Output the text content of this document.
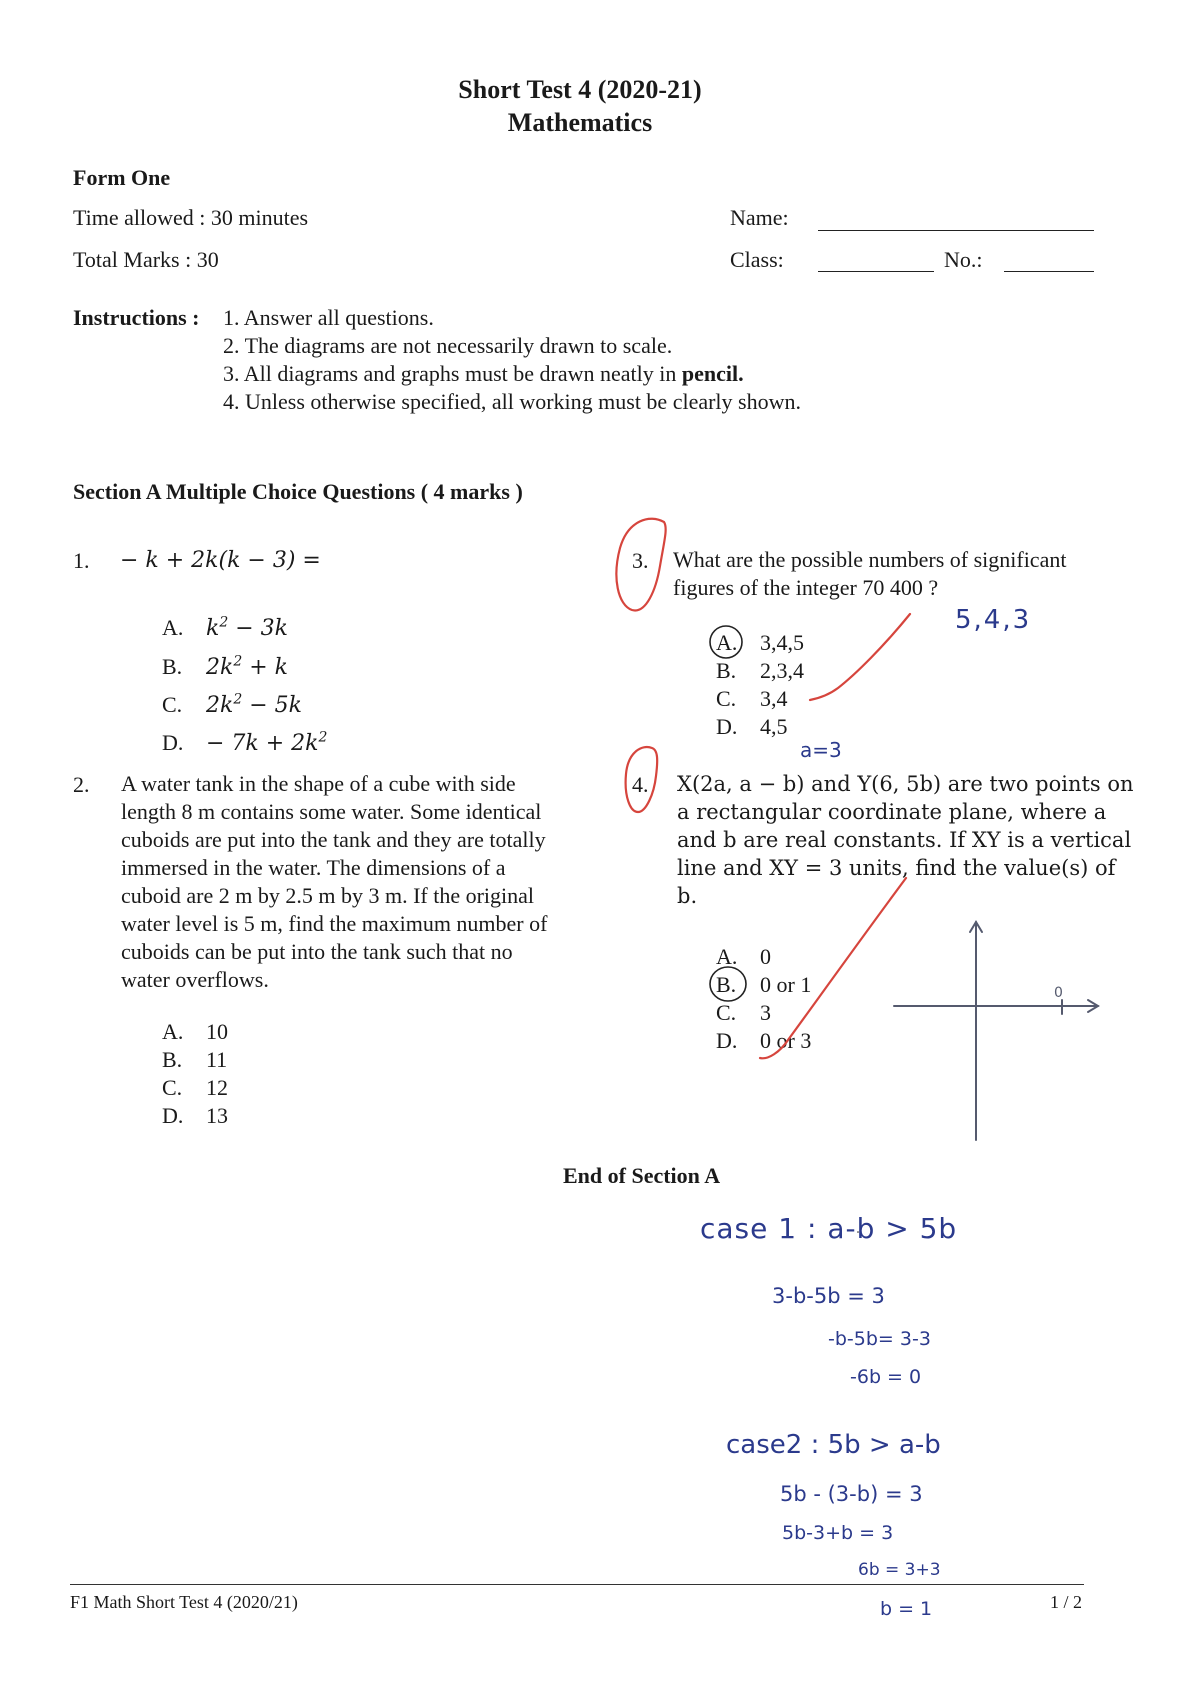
Short Test 4 (2020-21)
Mathematics
Form One
Time allowed : 30 minutes
Total Marks : 30
Name:
Class:	No.:
Instructions : 1. Answer all questions.
2. The diagrams are not necessarily drawn to scale.
3. All diagrams and graphs must be drawn neatly in pencil.
4. Unless otherwise specified, all working must be clearly shown.
Section A Multiple Choice Questions ( 4 marks )
1. − k + 2k(k − 3) =
A. $k^2 - 3k$
B. $2k^2 + k$
C. $2k^2 - 5k$
D. − $7k + 2k^2$
2. A water tank in the shape of a cube with side
length 8 m contains some water. Some identical
cuboids are put into the tank and they are totally
immersed in the water. The dimensions of a
cuboid are 2 m by 2.5 m by 3 m. If the original
water level is 5 m, find the maximum number of
cuboids can be put into the tank such that no
water overflows.
A. 10
B. 11
C. 12
D. 13
3. What are the possible numbers of significant
figures of the integer 70 400 ?
A. 3,4,5
B. 2,3,4
C. 3,4
D. 4,5
4. X(2a, a − b) and Y(6, 5b) are two points on
a rectangular coordinate plane, where a
and b are real constants. If XY is a vertical
line and XY = 3 units, find the value(s) of
b.
A. 0
B. 0 or 1
C. 3
D. 0 or 3
End of Section A
5,4,3
a=3
0
case 1 : a-b > 5b
3-b-5b = 3
-b-5b= 3-3
-6b = 0
case2 : 5b > a-b
5b - (3-b) = 3
5b-3+b = 3
6b = 3+3
b = 1
F1 Math Short Test 4 (2020/21)	1 / 2
